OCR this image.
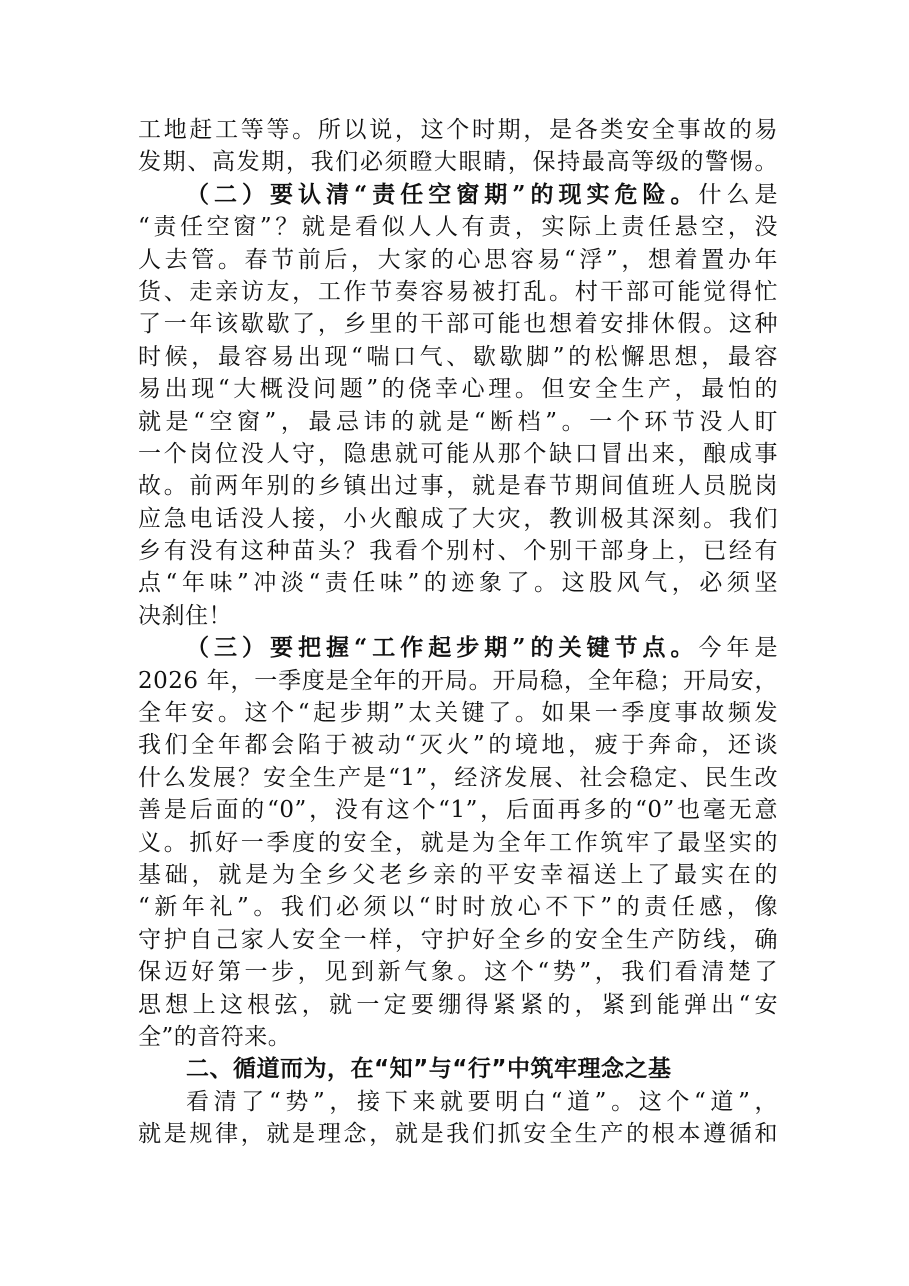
工地赶工等等。所以说，这个时期，是各类安全事故的易
发期、高发期，我们必须瞪大眼睛，保持最高等级的警惕。
（二）要认清“责任空窗期”的现实危险。什么是
“责任空窗”？就是看似人人有责，实际上责任悬空，没
人去管。春节前后，大家的心思容易“浮”，想着置办年
货、走亲访友，工作节奏容易被打乱。村干部可能觉得忙
了一年该歇歇了，乡里的干部可能也想着安排休假。这种
时候，最容易出现“喘口气、歇歇脚”的松懈思想，最容
易出现“大概没问题”的侥幸心理。但安全生产，最怕的
就是“空窗”，最忌讳的就是“断档”。一个环节没人盯
一个岗位没人守，隐患就可能从那个缺口冒出来，酿成事
故。前两年别的乡镇出过事，就是春节期间值班人员脱岗
应急电话没人接，小火酿成了大灾，教训极其深刻。我们
乡有没有这种苗头？我看个别村、个别干部身上，已经有
点“年味”冲淡“责任味”的迹象了。这股风气，必须坚
决刹住！
（三）要把握“工作起步期”的关键节点。今年是
2026 年，一季度是全年的开局。开局稳，全年稳；开局安，
全年安。这个“起步期”太关键了。如果一季度事故频发
我们全年都会陷于被动“灭火”的境地，疲于奔命，还谈
什么发展？安全生产是“1”，经济发展、社会稳定、民生改
善是后面的“0”，没有这个“1”，后面再多的“0”也毫无意
义。抓好一季度的安全，就是为全年工作筑牢了最坚实的
基础，就是为全乡父老乡亲的平安幸福送上了最实在的
“新年礼”。我们必须以“时时放心不下”的责任感，像
守护自己家人安全一样，守护好全乡的安全生产防线，确
保迈好第一步，见到新气象。这个“势”，我们看清楚了
思想上这根弦，就一定要绷得紧紧的，紧到能弹出“安
全”的音符来。
二、循道而为，在“知”与“行”中筑牢理念之基
看清了“势”，接下来就要明白“道”。这个“道”，
就是规律，就是理念，就是我们抓安全生产的根本遵循和
